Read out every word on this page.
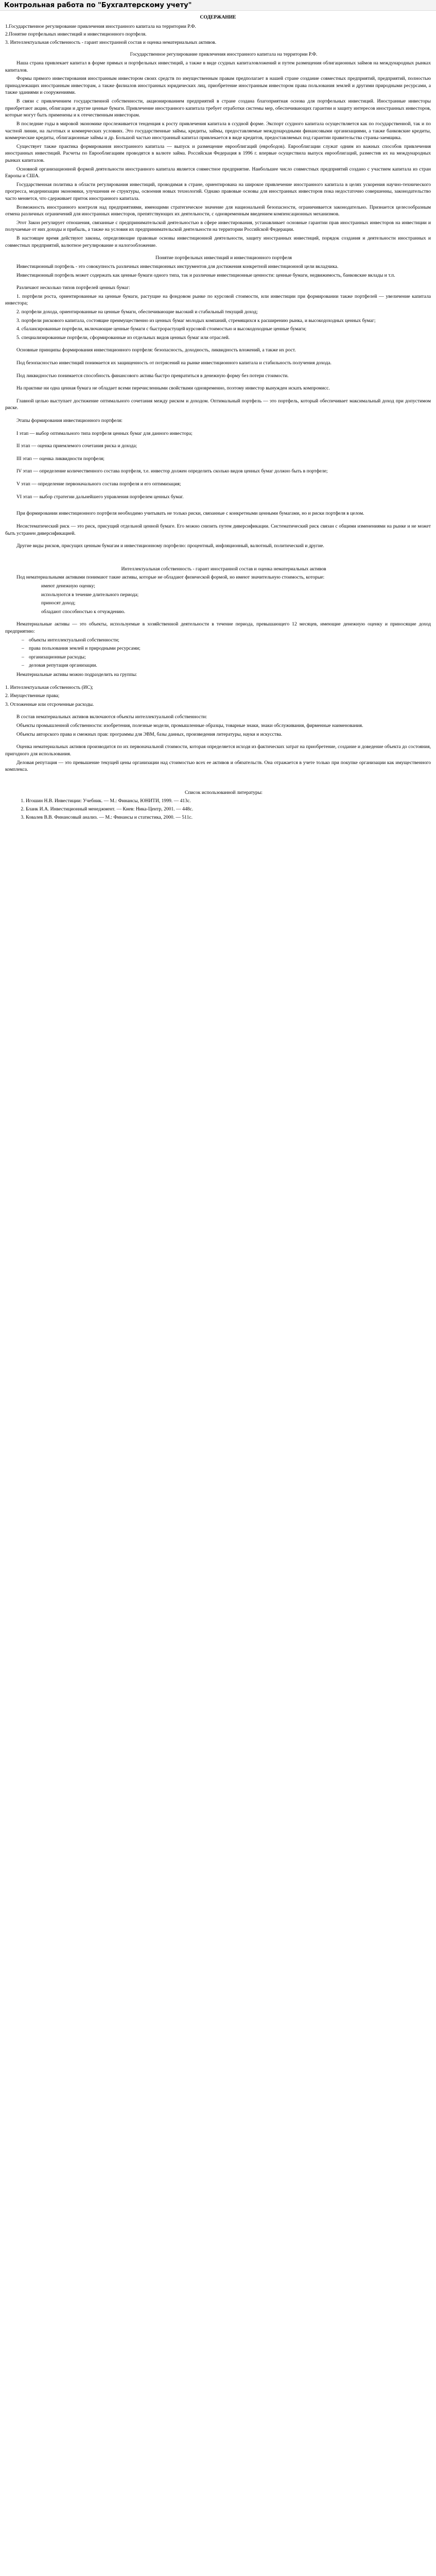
Контрольная работа по "Бухгалтерскому учету"
СОДЕРЖАНИЕ

1.Государственное регулирование привлечения иностранного капитала на территории Р.Ф.

2.Понятие портфельных инвестиций и инвестиционного портфеля.

3. Интеллектуальная собственность - гарант иностранной состав и оценка нематериальных активов.

Государственное регулирование привлечения иностранного капитала на территории Р.Ф.

Наша страна привлекает капитал в форме прямых и портфельных инвестиций, а также в виде ссудных капиталовложений и путем размещения облигационных займов на международных рынках капиталов.

Формы прямого инвестирования иностранным инвестором своих средств по имущественным правам предполагает в нашей стране создание совместных предприятий, предприятий, полностью принадлежащих иностранным инвесторам, а также филиалов иностранных юридических лиц, приобретение иностранным инвестором права пользования землей и другими природными ресурсами, а также зданиями и сооружениями.

В связи с привлечением государственной собственности, акционированием предприятий в стране создана благоприятная основа для портфельных инвестиций. Иностранные инвесторы приобретают акции, облигации и другие ценные бумаги. Привлечение иностранного капитала требует отработки системы мер, обеспечивающих гарантии и защиту интересов иностранных инвесторов, которые могут быть применены и к отечественным инвесторам.

В последние годы в мировой экономике прослеживается тенденция к росту привлечения капитала в ссудной форме. Экспорт ссудного капитала осуществляется как по государственной, так и по частной линии, на льготных и коммерческих условиях. Это государственные займы, кредиты, займы, предоставляемые международными финансовыми организациями, а также банковские кредиты, коммерческие кредиты, облигационные займы и др. Большой частью иностранный капитал привлекается в виде кредитов, предоставляемых под гарантии правительства страны-заемщика.

Существует также практика формирования иностранного капитала — выпуск и размещение еврооблигаций (еврободов). Еврооблигации служат одним из важных способов привлечения иностранных инвестиций. Расчеты по Еврооблигациям проводятся в валюте займа. Российская Федерация в 1996 г. впервые осуществила выпуск еврооблигаций, разместив их на международных рынках капиталов.

Основной организационной формой деятельности иностранного капитала является совместное предприятие. Наибольшее число совместных предприятий создано с участием капитала из стран Европы и США.

Государственная политика в области регулирования инвестиций, проводимая в стране, ориентирована на широкое привлечение иностранного капитала в целях ускорения научно-технического прогресса, модернизации экономики, улучшения ее структуры, освоения новых технологий. Однако правовые основы для иностранных инвесторов пока недостаточно совершенны, законодательство часто меняется, что сдерживает приток иностранного капитала.

Возможность иностранного контроля над предприятиями, имеющими стратегическое значение для национальной безопасности, ограничивается законодательно. Признается целесообразным отмена различных ограничений для иностранных инвесторов, препятствующих их деятельности, с одновременным введением компенсационных механизмов.

Этот Закон регулирует отношения, связанные с предпринимательской деятельностью в сфере инвестирования, устанавливает основные гарантии прав иностранных инвесторов на инвестиции и получаемые от них доходы и прибыль, а также на условия их предпринимательской деятельности на территории Российской Федерации.

В настоящее время действуют законы, определяющие правовые основы инвестиционной деятельности, защиту иностранных инвестиций, порядок создания и деятельности иностранных и совместных предприятий, валютное регулирование и налогообложение.

Понятие портфельных инвестиций и инвестиционного портфеля

Инвестиционный портфель - это совокупность различных инвестиционных инструментов для достижения конкретной инвестиционной цели вкладчика.

Инвестиционный портфель может содержать как ценные бумаги одного типа, так и различные инвестиционные ценности: ценные бумаги, недвижимость, банковские вклады и т.п.

Различают несколько типов портфелей ценных бумаг:

1. портфели роста, ориентированные на ценные бумаги, растущие на фондовом рынке по курсовой стоимости, или инвестиции при формировании также портфелей — увеличение капитала инвестора;

2. портфели дохода, ориентированные на ценные бумаги, обеспечивающие высокий и стабильный текущий доход;

3. портфели рискового капитала, состоящие преимущественно из ценных бумаг молодых компаний, стремящихся к расширению рынка, и высокодоходных ценных бумаг;

4. сбалансированные портфели, включающие ценные бумаги с быстрорастущей курсовой стоимостью и высокодоходные ценные бумаги;

5. специализированные портфели, сформированные из отдельных видов ценных бумаг или отраслей.

Основные принципы формирования инвестиционного портфеля: безопасность, доходность, ликвидность вложений, а также их рост.

Под безопасностью инвестиций понимается их защищенность от потрясений на рынке инвестиционного капитала и стабильность получения дохода.

Под ликвидностью понимается способность финансового актива быстро превратиться в денежную форму без потери стоимости.

На практике ни одна ценная бумага не обладает всеми перечисленными свойствами одновременно, поэтому инвестор вынужден искать компромисс.

Главной целью выступает достижение оптимального сочетания между риском и доходом. Оптимальный портфель — это портфель, который обеспечивает максимальный доход при допустимом риске.

Этапы формирования инвестиционного портфеля:

I этап — выбор оптимального типа портфеля ценных бумаг для данного инвестора;

II этап — оценка приемлемого сочетания риска и дохода;

III этап — оценка ликвидности портфеля;

IV этап — определение количественного состава портфеля, т.е. инвестор должен определить сколько видов ценных бумаг должно быть в портфеле;

V этап — определение первоначального состава портфеля и его оптимизация;

VI этап — выбор стратегии дальнейшего управления портфелем ценных бумаг.

При формировании инвестиционного портфеля необходимо учитывать не только риски, связанные с конкретными ценными бумагами, но и риски портфеля в целом.

Несистематический риск — это риск, присущий отдельной ценной бумаге. Его можно снизить путем диверсификации. Систематический риск связан с общими изменениями на рынке и не может быть устранен диверсификацией.

Другие виды рисков, присущих ценным бумагам и инвестиционному портфелю: процентный, инфляционный, валютный, политический и другие.

Интеллектуальная собственность - гарант иностранной состав и оценка нематериальных активов

Под нематериальными активами понимают такие активы, которые не обладают физической формой, но имеют значительную стоимость, которые:

имеют денежную оценку;

используются в течение длительного периода;

приносят доход;

обладают способностью к отчуждению.

Нематериальные активы — это объекты, используемые в хозяйственной деятельности в течение периода, превышающего 12 месяцев, имеющие денежную оценку и приносящие доход предприятию:

– объекты интеллектуальной собственности;
– права пользования землей и природными ресурсами;
– организационные расходы;
– деловая репутация организации.

Нематериальные активы можно подразделить на группы:

1. Интеллектуальная собственность (ИС);

2. Имущественные права;

3. Отложенные или отсроченные расходы.

В состав нематериальных активов включаются объекты интеллектуальной собственности:

Объекты промышленной собственности: изобретения, полезные модели, промышленные образцы, товарные знаки, знаки обслуживания, фирменные наименования.

Объекты авторского права и смежных прав: программы для ЭВМ, базы данных, произведения литературы, науки и искусства.

Оценка нематериальных активов производится по их первоначальной стоимости, которая определяется исходя из фактических затрат на приобретение, создание и доведение объекта до состояния, пригодного для использования.

Деловая репутация — это превышение текущей цены организации над стоимостью всех ее активов и обязательств. Она отражается в учете только при покупке организации как имущественного комплекса.

Список использованной литературы:

1. Игошин Н.В. Инвестиции: Учебник. — М.: Финансы, ЮНИТИ, 1999. — 413с.
2. Бланк И.А. Инвестиционный менеджмент. — Киев: Ника-Центр, 2001. — 448с.
3. Ковалев В.В. Финансовый анализ. — М.: Финансы и статистика, 2000. — 511с.
